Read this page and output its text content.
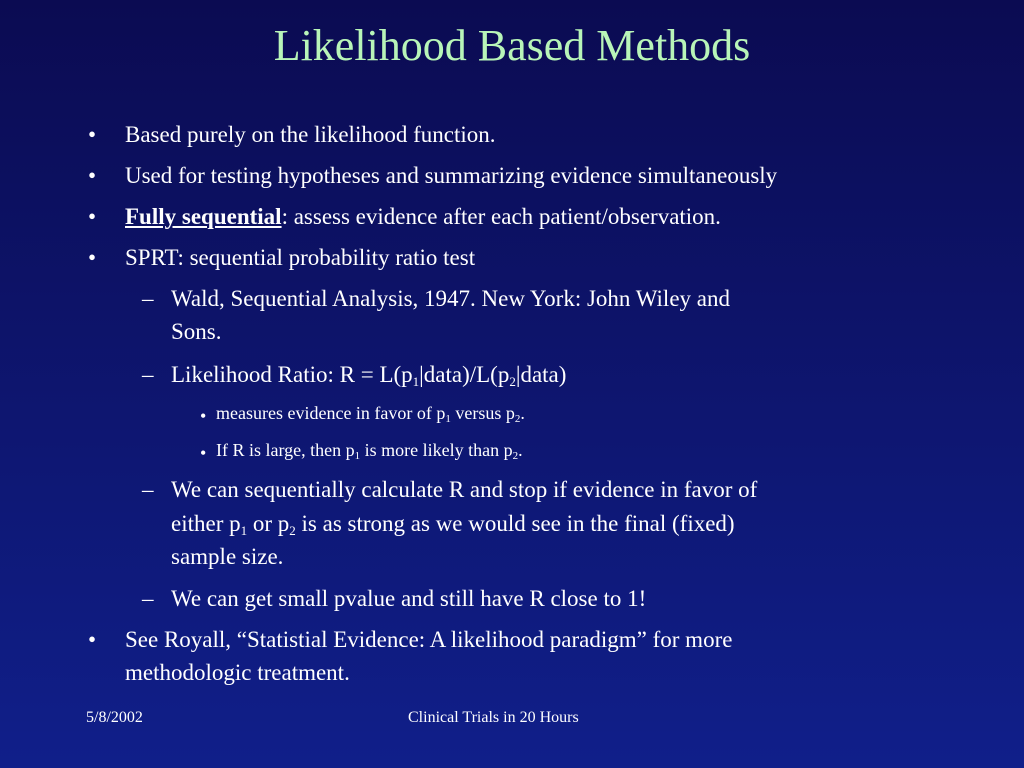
Likelihood Based Methods
• Based purely on the likelihood function.
• Used for testing hypotheses and summarizing evidence simultaneously
• Fully sequential: assess evidence after each patient/observation.
• SPRT: sequential probability ratio test
– Wald, Sequential Analysis, 1947. New York: John Wiley and
Sons.
– Likelihood Ratio: $R = L(p_1|data)/L(p_2|data)$
• measures evidence in favor of $p_1$ versus $p_2$.
• If R is large, then $p_1$ is more likely than $p_2$.
– We can sequentially calculate R and stop if evidence in favor of
either $p_1$ or $p_2$ is as strong as we would see in the final (fixed)
sample size.
– We can get small pvalue and still have R close to 1!
• See Royall, “Statistial Evidence: A likelihood paradigm” for more
methodologic treatment.
5/8/2002	Clinical Trials in 20 Hours
